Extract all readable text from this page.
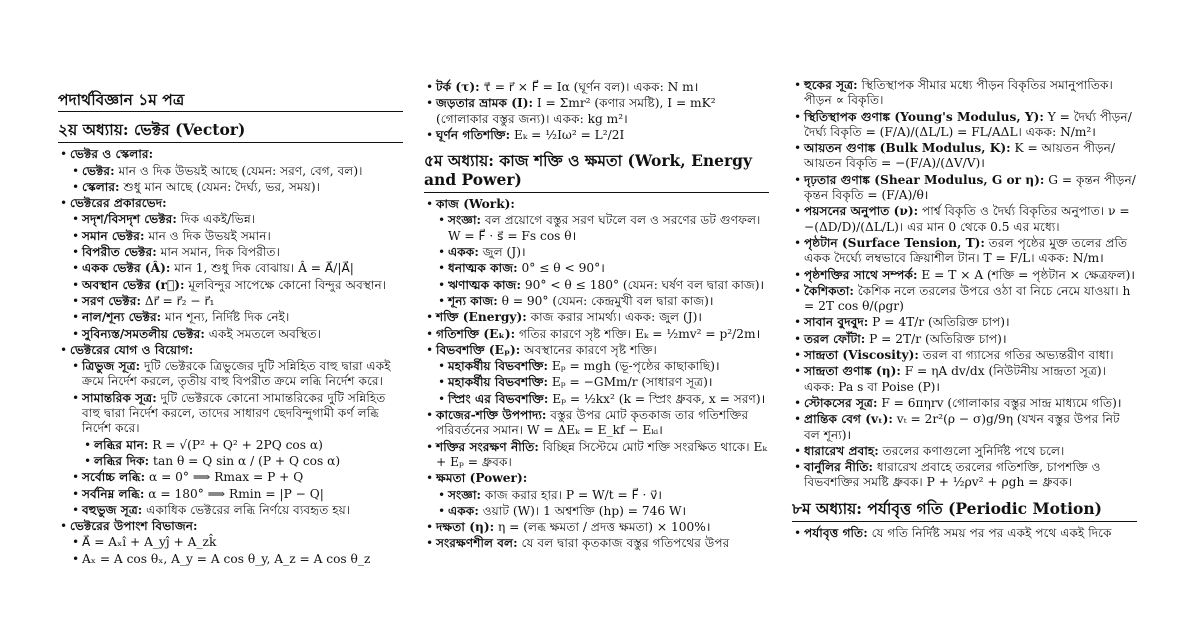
পদার্থবিজ্ঞান ১ম পত্র
২য় অধ্যায়: ভেক্টর (Vector)
• ভেক্টর ও স্কেলার:
• ভেক্টর: মান ও দিক উভয়ই আছে (যেমন: সরণ, বেগ, বল)।
• স্কেলার: শুধু মান আছে (যেমন: দৈর্ঘ্য, ভর, সময়)।
• ভেক্টরের প্রকারভেদ:
• সদৃশ/বিসদৃশ ভেক্টর: দিক একই/ভিন্ন।
• সমান ভেক্টর: মান ও দিক উভয়ই সমান।
• বিপরীত ভেক্টর: মান সমান, দিক বিপরীত।
• একক ভেক্টর (Â): মান 1, শুধু দিক বোঝায়। Â = A⃗/|A⃗|
• অবস্থান ভেক্টর (r⃗): মূলবিন্দুর সাপেক্ষে কোনো বিন্দুর অবস্থান।
• সরণ ভেক্টর: Δr⃗ = r⃗₂ − r⃗₁
• নাল/শূন্য ভেক্টর: মান শূন্য, নির্দিষ্ট দিক নেই।
• সুবিন্যস্ত/সমতলীয় ভেক্টর: একই সমতলে অবস্থিত।
• ভেক্টরের যোগ ও বিয়োগ:
• ত্রিভুজ সূত্র: দুটি ভেক্টরকে ত্রিভুজের দুটি সন্নিহিত বাহু দ্বারা একই ক্রমে নির্দেশ করলে, তৃতীয় বাহু বিপরীত ক্রমে লব্ধি নির্দেশ করে।
• সামান্তরিক সূত্র: দুটি ভেক্টরকে কোনো সামান্তরিকের দুটি সন্নিহিত বাহু দ্বারা নির্দেশ করলে, তাদের সাধারণ ছেদবিন্দুগামী কর্ণ লব্ধি নির্দেশ করে।
• লব্ধির মান: R = √(P² + Q² + 2PQ cos α)
• লব্ধির দিক: tan θ = Q sin α / (P + Q cos α)
• সর্বোচ্চ লব্ধি: α = 0° ⟹ Rmax = P + Q
• সর্বনিম্ন লব্ধি: α = 180° ⟹ Rmin = |P − Q|
• বহুভুজ সূত্র: একাধিক ভেক্টরের লব্ধি নির্ণয়ে ব্যবহৃত হয়।
• ভেক্টরের উপাংশ বিভাজন:
• A⃗ = Aₓî + A_yĵ + A_zk̂
• Aₓ = A cos θₓ, A_y = A cos θ_y, A_z = A cos θ_z
• টর্ক (τ): τ⃗ = r⃗ × F⃗ = Iα (ঘূর্ণন বল)। একক: N m।
• জড়তার ভ্রামক (I): I = Σmr² (কণার সমষ্টি), I = mK² (গোলাকার বস্তুর জন্য)। একক: kg m²।
• ঘূর্ণন গতিশক্তি: Eₖ = ½Iω² = L²/2I
৫ম অধ্যায়: কাজ শক্তি ও ক্ষমতা (Work, Energy and Power)
• কাজ (Work):
• সংজ্ঞা: বল প্রয়োগে বস্তুর সরণ ঘটলে বল ও সরণের ডট গুণফল। W = F⃗ · s⃗ = Fs cos θ।
• একক: জুল (J)।
• ধনাত্মক কাজ: 0° ≤ θ < 90°।
• ঋণাত্মক কাজ: 90° < θ ≤ 180° (যেমন: ঘর্ষণ বল দ্বারা কাজ)।
• শূন্য কাজ: θ = 90° (যেমন: কেন্দ্রমুখী বল দ্বারা কাজ)।
• শক্তি (Energy): কাজ করার সামর্থ্য। একক: জুল (J)।
• গতিশক্তি (Eₖ): গতির কারণে সৃষ্ট শক্তি। Eₖ = ½mv² = p²/2m।
• বিভবশক্তি (Eₚ): অবস্থানের কারণে সৃষ্ট শক্তি।
• মহাকর্ষীয় বিভবশক্তি: Eₚ = mgh (ভূ-পৃষ্ঠের কাছাকাছি)।
• মহাকর্ষীয় বিভবশক্তি: Eₚ = −GMm/r (সাধারণ সূত্র)।
• স্প্রিং এর বিভবশক্তি: Eₚ = ½kx² (k = স্প্রিং ধ্রুবক, x = সরণ)।
• কাজের-শক্তি উপপাদ্য: বস্তুর উপর মোট কৃতকাজ তার গতিশক্তির পরিবর্তনের সমান। W = ΔEₖ = E_kf − Eₖᵢ।
• শক্তির সংরক্ষণ নীতি: বিচ্ছিন্ন সিস্টেমে মোট শক্তি সংরক্ষিত থাকে। Eₖ + Eₚ = ধ্রুবক।
• ক্ষমতা (Power):
• সংজ্ঞা: কাজ করার হার। P = W/t = F⃗ · v⃗।
• একক: ওয়াট (W)। 1 অশ্বশক্তি (hp) = 746 W।
• দক্ষতা (η): η = (লব্ধ ক্ষমতা / প্রদত্ত ক্ষমতা) × 100%।
• সংরক্ষণশীল বল: যে বল দ্বারা কৃতকাজ বস্তুর গতিপথের উপর
• হুকের সূত্র: স্থিতিস্থাপক সীমার মধ্যে পীড়ন বিকৃতির সমানুপাতিক। পীড়ন ∝ বিকৃতি।
• স্থিতিস্থাপক গুণাঙ্ক (Young's Modulus, Y): Y = দৈর্ঘ্য পীড়ন/দৈর্ঘ্য বিকৃতি = (F/A)/(ΔL/L) = FL/AΔL। একক: N/m²।
• আয়তন গুণাঙ্ক (Bulk Modulus, K): K = আয়তন পীড়ন/আয়তন বিকৃতি = −(F/A)/(ΔV/V)।
• দৃঢ়তার গুণাঙ্ক (Shear Modulus, G or η): G = কৃন্তন পীড়ন/কৃন্তন বিকৃতি = (F/A)/θ।
• পয়সনের অনুপাত (ν): পার্শ্ব বিকৃতি ও দৈর্ঘ্য বিকৃতির অনুপাত। ν = −(ΔD/D)/(ΔL/L)। এর মান 0 থেকে 0.5 এর মধ্যে।
• পৃষ্ঠটান (Surface Tension, T): তরল পৃষ্ঠের মুক্ত তলের প্রতি একক দৈর্ঘ্যে লম্বভাবে ক্রিয়াশীল টান। T = F/L। একক: N/m।
• পৃষ্ঠশক্তির সাথে সম্পর্ক: E = T × A (শক্তি = পৃষ্ঠটান × ক্ষেত্রফল)।
• কৈশিকতা: কৈশিক নলে তরলের উপরে ওঠা বা নিচে নেমে যাওয়া। h = 2T cos θ/(ρgr)
• সাবান বুদবুদ: P = 4T/r (অতিরিক্ত চাপ)।
• তরল ফোঁটা: P = 2T/r (অতিরিক্ত চাপ)।
• সান্দ্রতা (Viscosity): তরল বা গ্যাসের গতির অভ্যন্তরীণ বাধা।
• সান্দ্রতা গুণাঙ্ক (η): F = ηA dv/dx (নিউটনীয় সান্দ্রতা সূত্র)। একক: Pa s বা Poise (P)।
• স্টোকসের সূত্র: F = 6πηrv (গোলাকার বস্তুর সান্দ্র মাধ্যমে গতি)।
• প্রান্তিক বেগ (vₜ): vₜ = 2r²(ρ − σ)g/9η (যখন বস্তুর উপর নিট বল শূন্য)।
• ধারারেখ প্রবাহ: তরলের কণাগুলো সুনির্দিষ্ট পথে চলে।
• বার্নুলির নীতি: ধারারেখ প্রবাহে তরলের গতিশক্তি, চাপশক্তি ও বিভবশক্তির সমষ্টি ধ্রুবক। P + ½ρv² + ρgh = ধ্রুবক।
৮ম অধ্যায়: পর্যাবৃত্ত গতি (Periodic Motion)
• পর্যাবৃত্ত গতি: যে গতি নির্দিষ্ট সময় পর পর একই পথে একই দিকে
